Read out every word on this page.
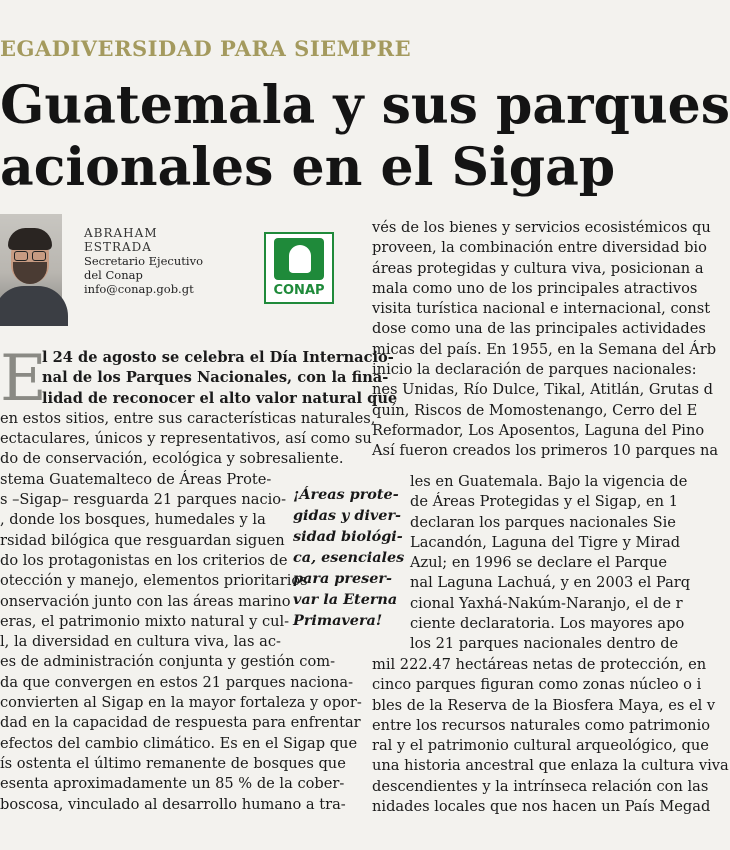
EGADIVERSIDAD PARA SIEMPRE
Guatemala y sus parques
acionales en el Sigap
ABRAHAM
ESTRADA
Secretario Ejecutivo
del Conap
info@conap.gob.gt	CONAP
E
l 24 de agosto se celebra el Día Internacio-
nal de los Parques Nacionales, con la fina-
lidad de reconocer el alto valor natural que
en estos sitios, entre sus características naturales,
ectaculares, únicos y representativos, así como su
do de conservación, ecológica y sobresaliente.
stema Guatemalteco de Áreas Prote-
s –Sigap– resguarda 21 parques nacio-
, donde los bosques, humedales y la
rsidad bilógica que resguardan siguen
do los protagonistas en los criterios de
otección y manejo, elementos prioritarios
onservación junto con las áreas marino
eras, el patrimonio mixto natural y cul-
l, la diversidad en cultura viva, las ac-
es de administración conjunta y gestión com-
da que convergen en estos 21 parques naciona-
convierten al Sigap en la mayor fortaleza y opor-
dad en la capacidad de respuesta para enfrentar
efectos del cambio climático. Es en el Sigap que
ís ostenta el último remanente de bosques que
esenta aproximadamente un 85 % de la cober-
boscosa, vinculado al desarrollo humano a tra-
vés de los bienes y servicios ecosistémicos qu
proveen, la combinación entre diversidad bio
áreas protegidas y cultura viva, posicionan a
mala como uno de los principales atractivos
visita turística nacional e internacional, const
dose como una de las principales actividades
micas del país. En 1955, en la Semana del Árb
inicio la declaración de parques nacionales:
nes Unidas, Río Dulce, Tikal, Atitlán, Grutas d
quín, Riscos de Momostenango, Cerro del E
Reformador, Los Aposentos, Laguna del Pino
Así fueron creados los primeros 10 parques na
les en Guatemala. Bajo la vigencia de
de Áreas Protegidas y el Sigap, en 1
declaran los parques nacionales Sie
Lacandón, Laguna del Tigre y Mirad
Azul; en 1996 se declare el Parque
nal Laguna Lachuá, y en 2003 el Parq
cional Yaxhá-Nakúm-Naranjo, el de r
ciente declaratoria. Los mayores apo
los 21 parques nacionales dentro de
mil 222.47 hectáreas netas de protección, en
cinco parques figuran como zonas núcleo o i
bles de la Reserva de la Biosfera Maya, es el v
entre los recursos naturales como patrimonio
ral y el patrimonio cultural arqueológico, que
una historia ancestral que enlaza la cultura viva
descendientes y la intrínseca relación con las
nidades locales que nos hacen un País Megad
¡Áreas prote-
gidas y diver-
sidad biológi-
ca, esenciales
para preser-
var la Eterna
Primavera!
